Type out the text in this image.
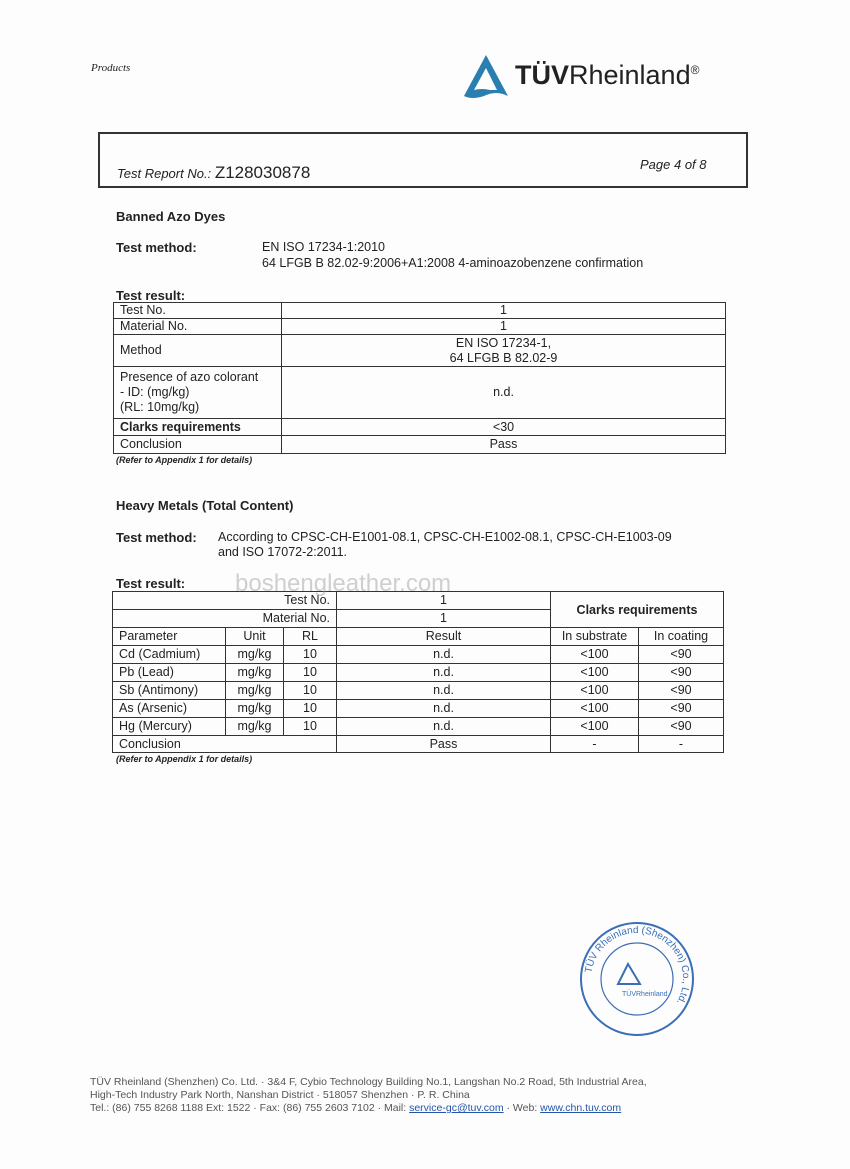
Products	TÜVRheinland®
Test Report No.: Z128030878	Page 4 of 8
Banned Azo Dyes
Test method:	EN ISO 17234-1:2010
64 LFGB B 82.02-9:2006+A1:2008 4-aminoazobenzene confirmation
Test result:
Test No.	1
Material No.	1
Method	EN ISO 17234-1,
64 LFGB B 82.02-9

Presence of azo colorant
- ID: (mg/kg)
(RL: 10mg/kg)	n.d.
Clarks requirements	<30
Conclusion	Pass
(Refer to Appendix 1 for details)
Heavy Metals (Total Content)
Test method: According to CPSC-CH-E1001-08.1, CPSC-CH-E1002-08.1, CPSC-CH-E1003-09
and ISO 17072-2:2011.
Test result:
Test No.			1	Clarks requirements	
Material No.			1		
Parameter	Unit	RL	Result	In substrate	In coating
Cd (Cadmium)	mg/kg	10	n.d.	<100	<90
Pb (Lead)	mg/kg	10	n.d.	<100	<90
Sb (Antimony)	mg/kg	10	n.d.	<100	<90
As (Arsenic)	mg/kg	10	n.d.	<100	<90
Hg (Mercury)	mg/kg	10	n.d.	<100	<90
Conclusion			Pass	-	-
(Refer to Appendix 1 for details)
boshengleather.com
TÜV Rheinland (Shenzhen) Co., Ltd.
TÜVRheinland
TÜV Rheinland (Shenzhen) Co. Ltd. · 3&4 F, Cybio Technology Building No.1, Langshan No.2 Road, 5th Industrial Area,
High-Tech Industry Park North, Nanshan District · 518057 Shenzhen · P. R. China
Tel.: (86) 755 8268 1188 Ext: 1522 · Fax: (86) 755 2603 7102 · Mail: service-gc@tuv.com · Web: www.chn.tuv.com
